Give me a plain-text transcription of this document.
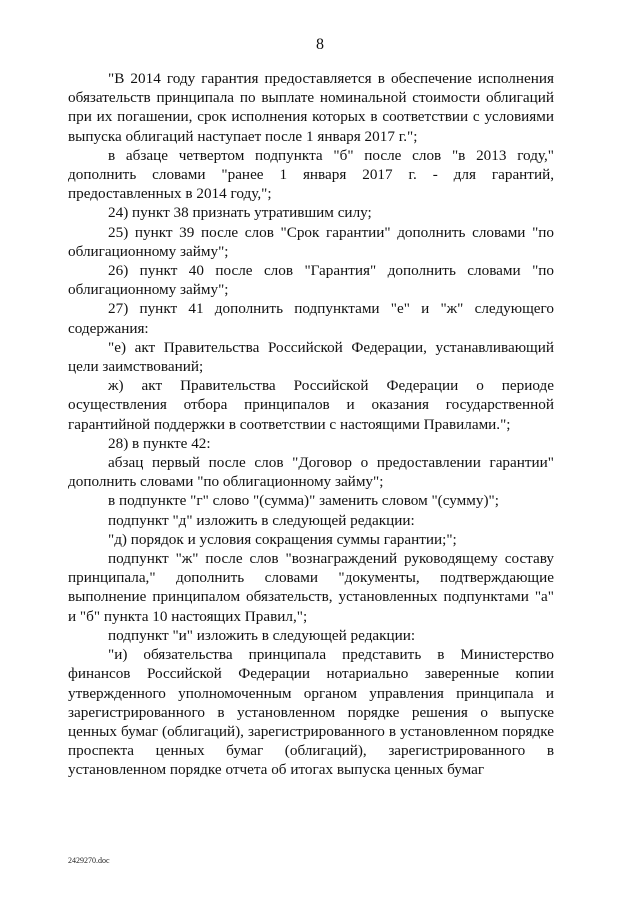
8

"В 2014 году гарантия предоставляется в обеспечение исполнения обязательств принципала по выплате номинальной стоимости облигаций при их погашении, срок исполнения которых в соответствии с условиями выпуска облигаций наступает после 1 января 2017 г.";

в абзаце четвертом подпункта "б" после слов "в 2013 году," дополнить словами "ранее 1 января 2017 г. - для гарантий, предоставленных в 2014 году,";

24) пункт 38 признать утратившим силу;

25) пункт 39 после слов "Срок гарантии" дополнить словами "по облигационному займу";

26) пункт 40 после слов "Гарантия" дополнить словами "по облигационному займу";

27) пункт 41 дополнить подпунктами "е" и "ж" следующего содержания:

"е) акт Правительства Российской Федерации, устанавливающий цели заимствований;

ж) акт Правительства Российской Федерации о периоде осуществления отбора принципалов и оказания государственной гарантийной поддержки в соответствии с настоящими Правилами.";

28) в пункте 42:

абзац первый после слов "Договор о предоставлении гарантии" дополнить словами "по облигационному займу";

в подпункте "г" слово "(сумма)" заменить словом "(сумму)";

подпункт "д" изложить в следующей редакции:

"д) порядок и условия сокращения суммы гарантии;";

подпункт "ж" после слов "вознаграждений руководящему составу принципала," дополнить словами "документы, подтверждающие выполнение принципалом обязательств, установленных подпунктами "а" и "б" пункта 10 настоящих Правил,";

подпункт "и" изложить в следующей редакции:

"и) обязательства принципала представить в Министерство финансов Российской Федерации нотариально заверенные копии утвержденного уполномоченным органом управления принципала и зарегистрированного в установленном порядке решения о выпуске ценных бумаг (облигаций), зарегистрированного в установленном порядке проспекта ценных бумаг (облигаций), зарегистрированного в установленном порядке отчета об итогах выпуска ценных бумаг

2429270.doc
